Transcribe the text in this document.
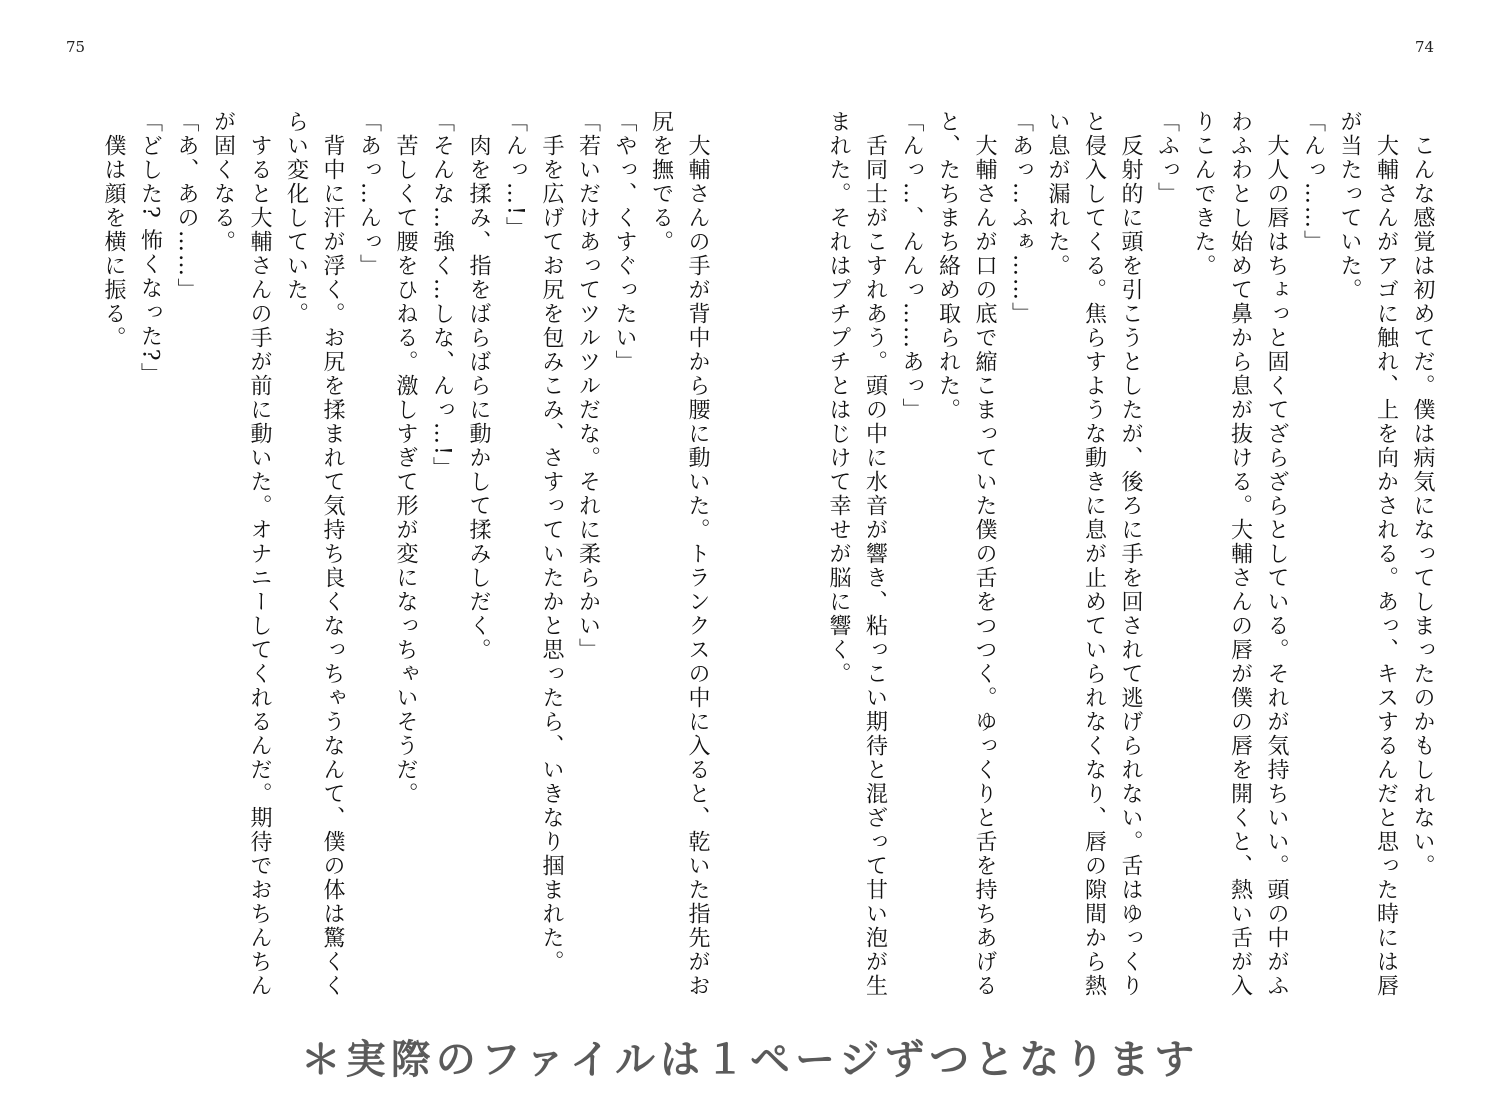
75	74

　こんな感覚は初めてだ。僕は病気になってしまったのかもしれない。

　大輔さんがアゴに触れ、上を向かされる。あっ、キスするんだと思った時には唇が当たっていた。

「んっ……」

　大人の唇はちょっと固くてざらざらとしている。それが気持ちいい。頭の中がふわふわとし始めて鼻から息が抜ける。大輔さんの唇が僕の唇を開くと、熱い舌が入りこんできた。

「ふっ」

　反射的に頭を引こうとしたが、後ろに手を回されて逃げられない。舌はゆっくりと侵入してくる。焦らすような動きに息が止めていられなくなり、唇の隙間から熱い息が漏れた。

「あっ…ふぁ……」

　大輔さんが口の底で縮こまっていた僕の舌をつつく。ゆっくりと舌を持ちあげると、たちまち絡め取られた。

「んっ…、んんっ……あっ」

　舌同士がこすれあう。頭の中に水音が響き、粘っこい期待と混ざって甘い泡が生まれた。それはプチプチとはじけて幸せが脳に響く。

　大輔さんの手が背中から腰に動いた。トランクスの中に入ると、乾いた指先がお尻を撫でる。

「やっ、くすぐったい」

「若いだけあってツルツルだな。それに柔らかい」

　手を広げてお尻を包みこみ、さすっていたかと思ったら、いきなり掴まれた。

「んっ…!」

　肉を揉み、指をばらばらに動かして揉みしだく。

「そんな…強く…しな、んっ…!」

　苦しくて腰をひねる。激しすぎて形が変になっちゃいそうだ。

「あっ…んっ」

　背中に汗が浮く。お尻を揉まれて気持ち良くなっちゃうなんて、僕の体は驚くくらい変化していた。

　すると大輔さんの手が前に動いた。オナニーしてくれるんだ。期待でおちんちんが固くなる。

「あ、あの……」

「どした? 怖くなった?」

　僕は顔を横に振る。

＊実際のファイルは１ページずつとなります
